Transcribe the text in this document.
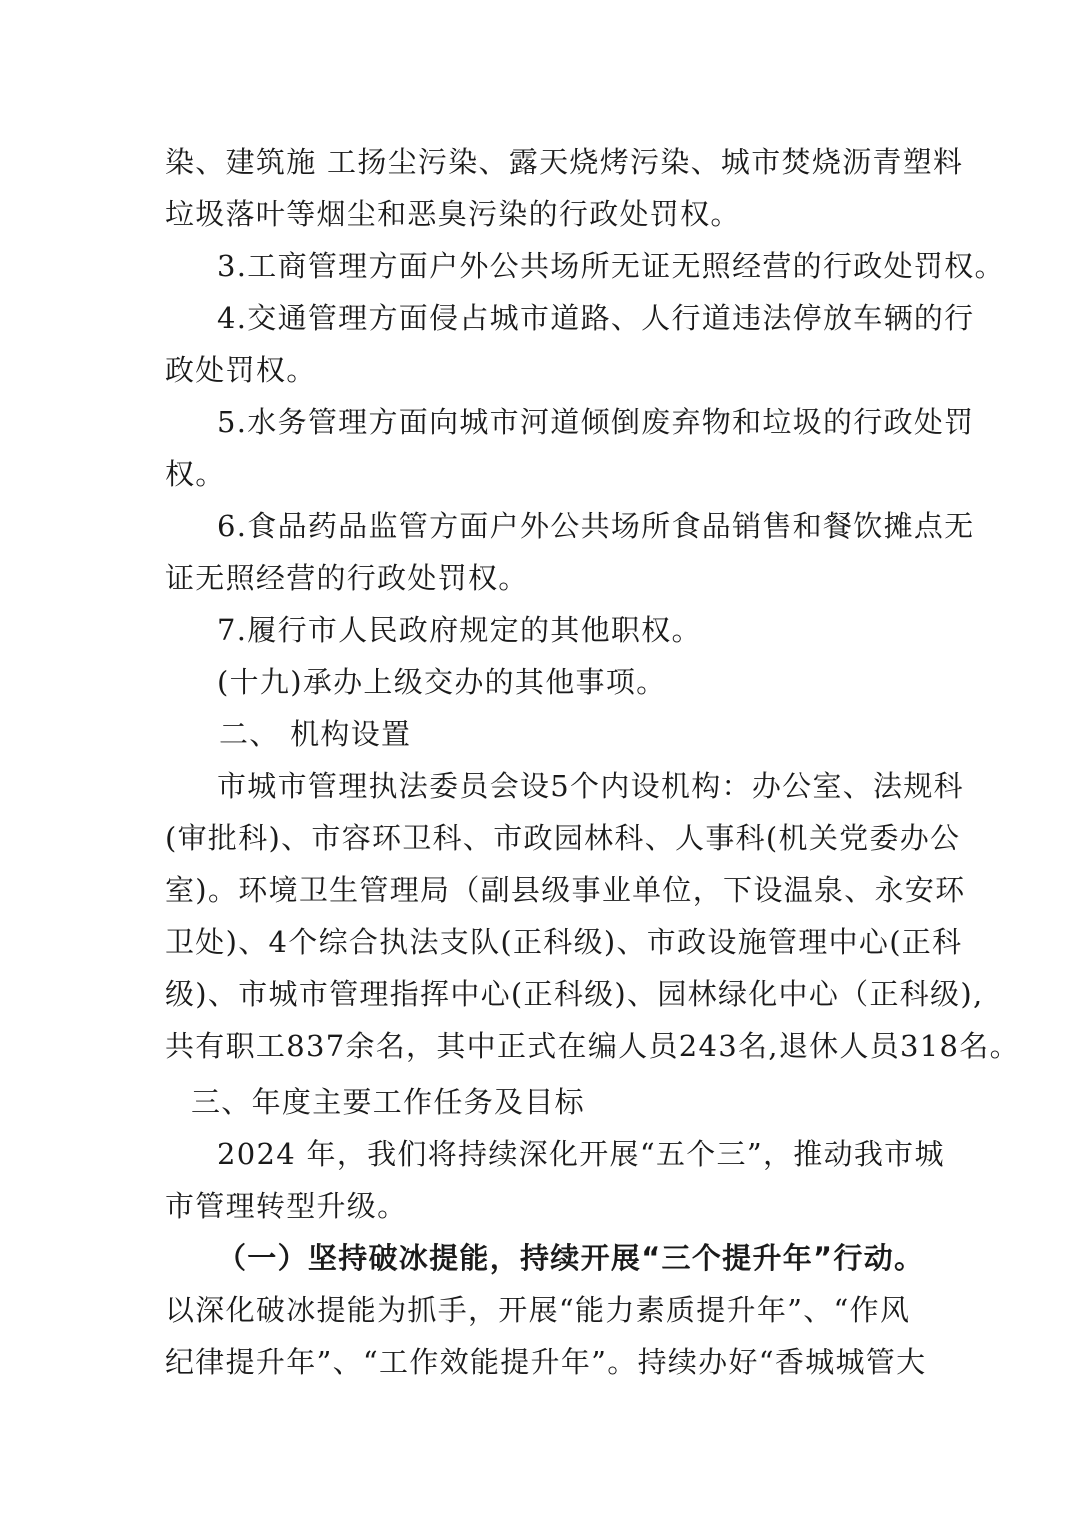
染、建筑施 工扬尘污染、露天烧烤污染、城市焚烧沥青塑料
垃圾落叶等烟尘和恶臭污染的行政处罚权。
3.工商管理方面户外公共场所无证无照经营的行政处罚权。
4.交通管理方面侵占城市道路、人行道违法停放车辆的行
政处罚权。
5.水务管理方面向城市河道倾倒废弃物和垃圾的行政处罚
权。
6.食品药品监管方面户外公共场所食品销售和餐饮摊点无
证无照经营的行政处罚权。
7.履行市人民政府规定的其他职权。
(十九)承办上级交办的其他事项。
二、 机构设置
市城市管理执法委员会设5个内设机构：办公室、法规科
(审批科)、市容环卫科、市政园林科、人事科(机关党委办公
室)。环境卫生管理局（副县级事业单位，下设温泉、永安环
卫处)、4个综合执法支队(正科级)、市政设施管理中心(正科
级)、市城市管理指挥中心(正科级)、园林绿化中心（正科级),
共有职工837余名，其中正式在编人员243名,退休人员318名。
三、年度主要工作任务及目标
2024 年，我们将持续深化开展“五个三”，推动我市城
市管理转型升级。
（一）坚持破冰提能，持续开展“三个提升年”行动。
以深化破冰提能为抓手，开展“能力素质提升年”、“作风
纪律提升年”、“工作效能提升年”。持续办好“香城城管大
